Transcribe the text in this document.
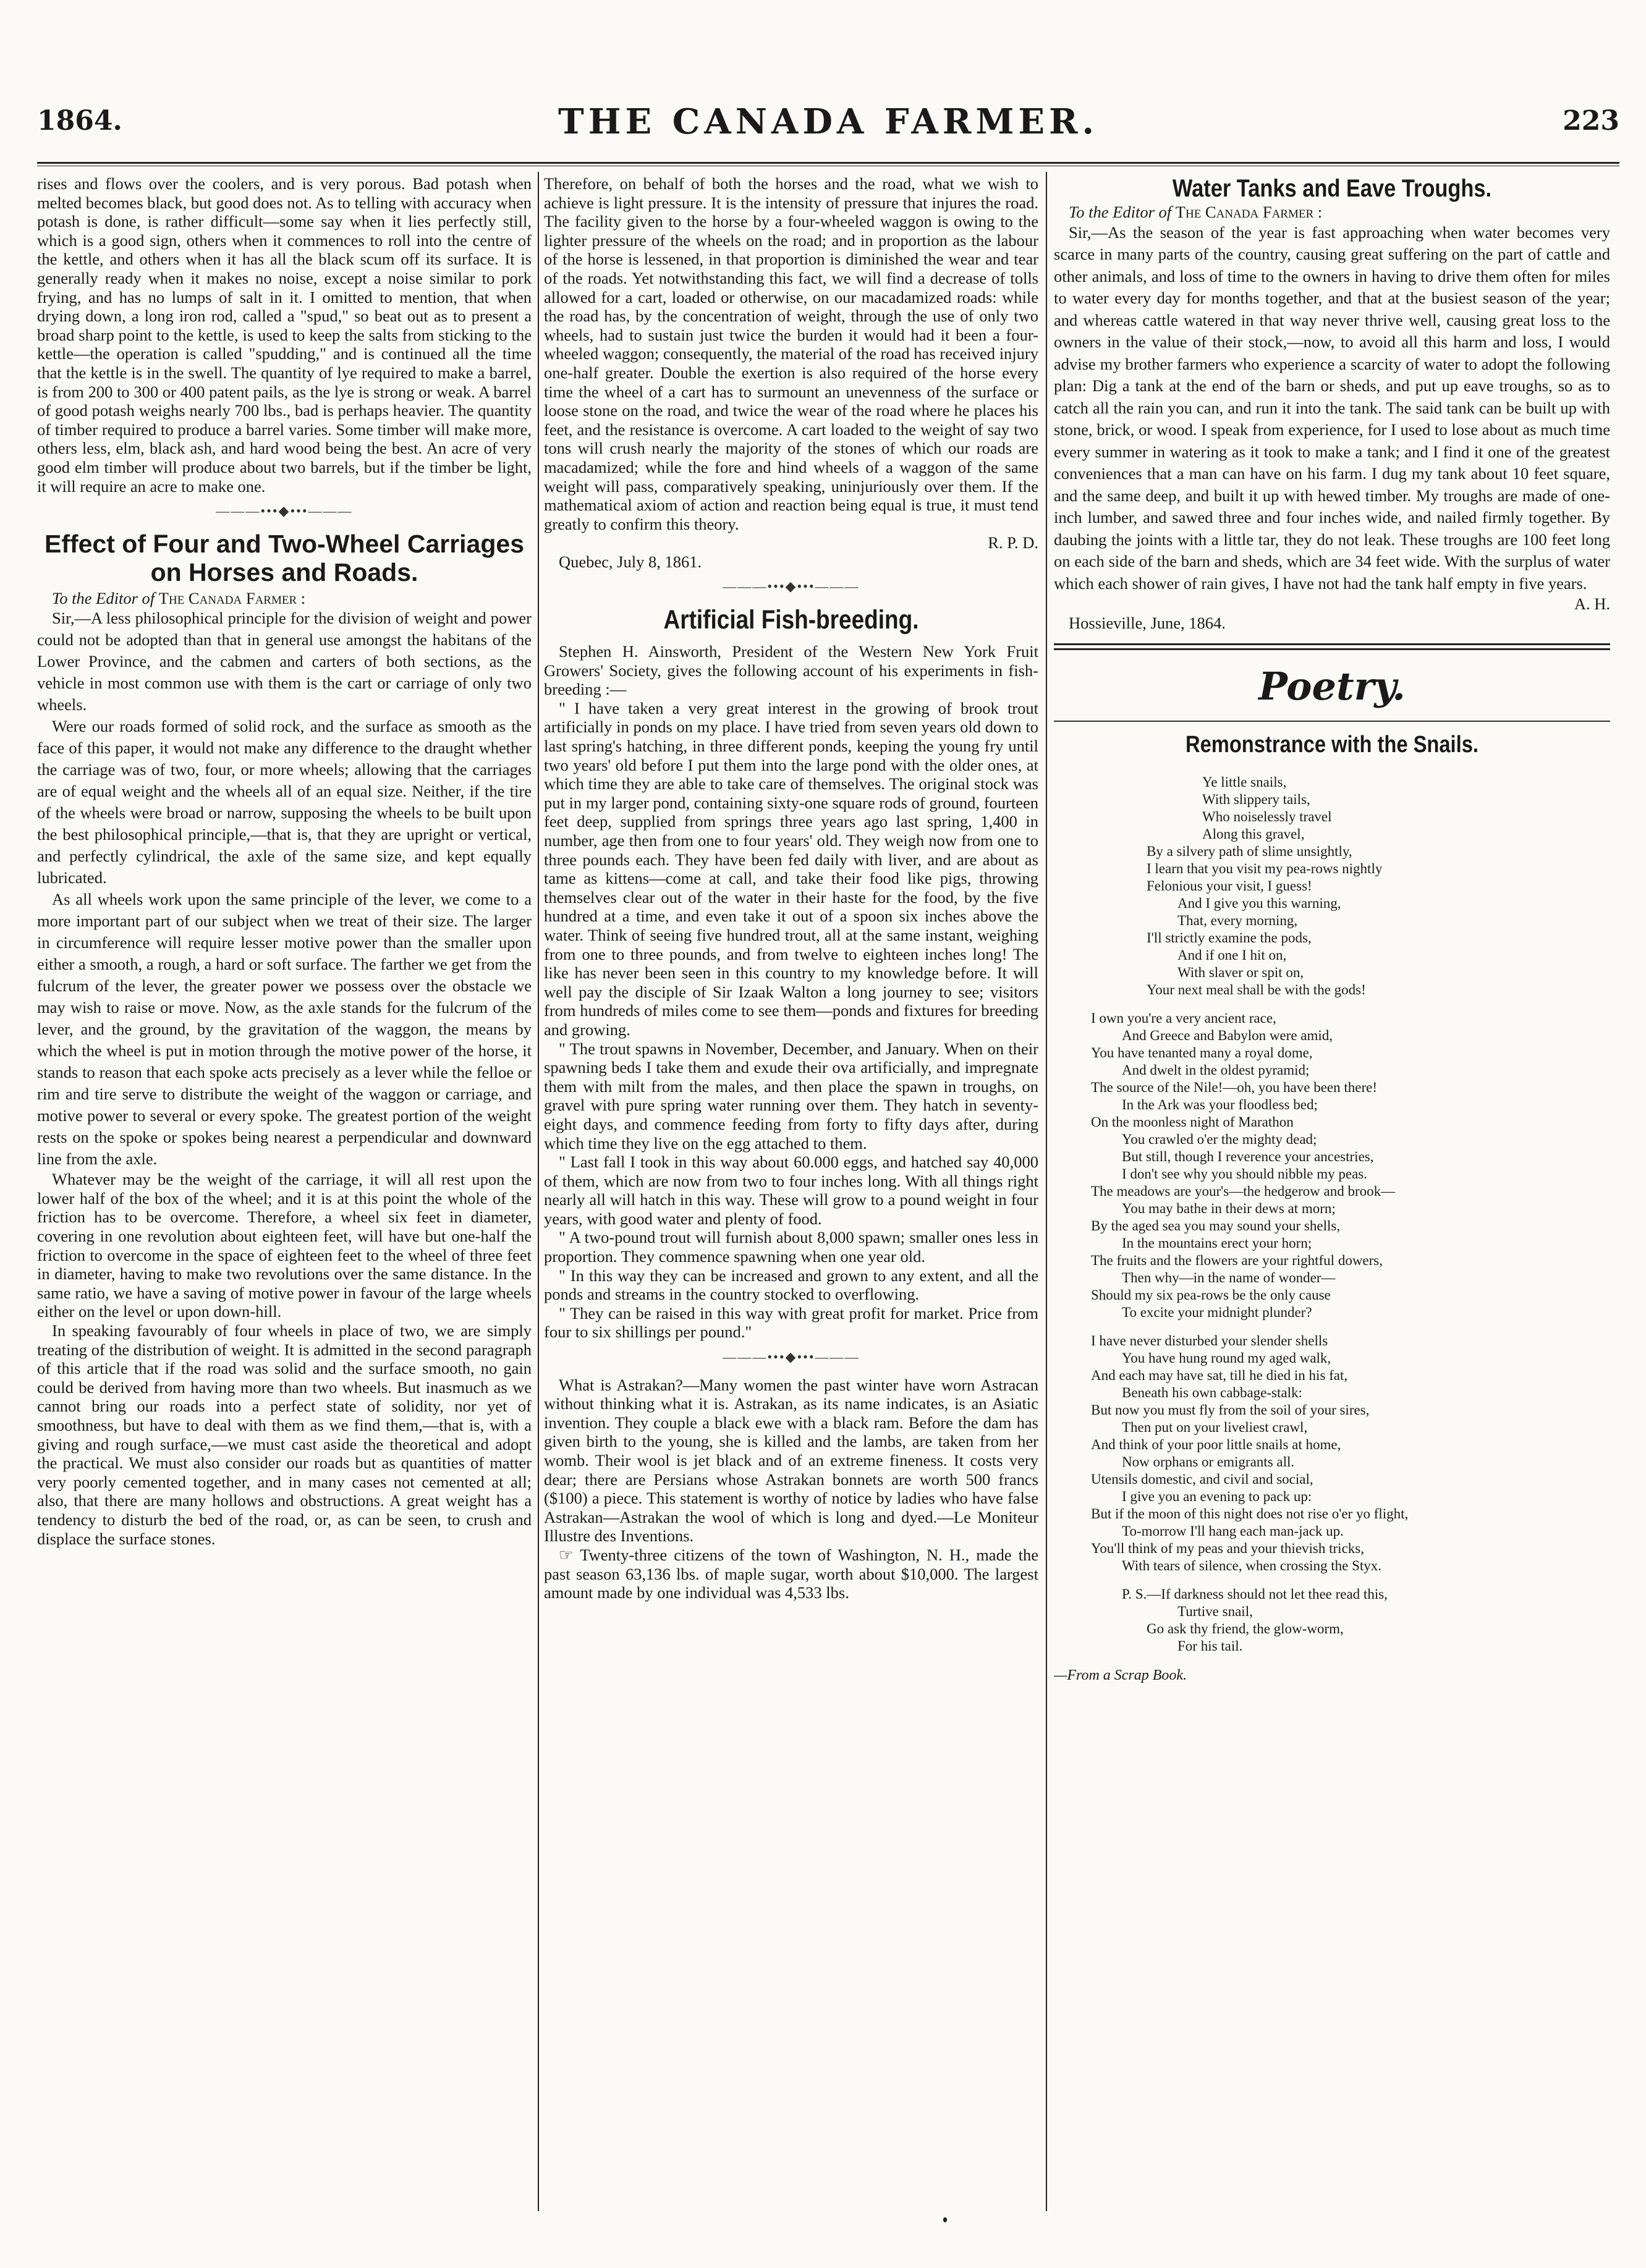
1864.	THE CANADA FARMER.	223

rises and flows over the coolers, and is very porous. Bad potash when melted becomes black, but good does not. As to telling with accuracy when potash is done, is rather difficult—some say when it lies perfectly still, which is a good sign, others when it commences to roll into the centre of the kettle, and others when it has all the black scum off its surface. It is generally ready when it makes no noise, except a noise similar to pork frying, and has no lumps of salt in it. I omitted to mention, that when drying down, a long iron rod, called a "spud," so beat out as to present a broad sharp point to the kettle, is used to keep the salts from sticking to the kettle—the operation is called "spudding," and is continued all the time that the kettle is in the swell. The quantity of lye required to make a barrel, is from 200 to 300 or 400 patent pails, as the lye is strong or weak. A barrel of good potash weighs nearly 700 lbs., bad is perhaps heavier. The quantity of timber required to produce a barrel varies. Some timber will make more, others less, elm, black ash, and hard wood being the best. An acre of very good elm timber will produce about two barrels, but if the timber be light, it will require an acre to make one.

———•••◆•••———
Effect of Four and Two-Wheel Carriages on Horses and Roads.

To the Editor of The Canada Farmer :

Sir,—A less philosophical principle for the division of weight and power could not be adopted than that in general use amongst the habitans of the Lower Province, and the cabmen and carters of both sections, as the vehicle in most common use with them is the cart or carriage of only two wheels.

Were our roads formed of solid rock, and the surface as smooth as the face of this paper, it would not make any difference to the draught whether the carriage was of two, four, or more wheels; allowing that the carriages are of equal weight and the wheels all of an equal size. Neither, if the tire of the wheels were broad or narrow, supposing the wheels to be built upon the best philosophical principle,—that is, that they are upright or vertical, and perfectly cylindrical, the axle of the same size, and kept equally lubricated.

As all wheels work upon the same principle of the lever, we come to a more important part of our subject when we treat of their size. The larger in circumference will require lesser motive power than the smaller upon either a smooth, a rough, a hard or soft surface. The farther we get from the fulcrum of the lever, the greater power we possess over the obstacle we may wish to raise or move. Now, as the axle stands for the fulcrum of the lever, and the ground, by the gravitation of the waggon, the means by which the wheel is put in motion through the motive power of the horse, it stands to reason that each spoke acts precisely as a lever while the felloe or rim and tire serve to distribute the weight of the waggon or carriage, and motive power to several or every spoke. The greatest portion of the weight rests on the spoke or spokes being nearest a perpendicular and downward line from the axle.

Whatever may be the weight of the carriage, it will all rest upon the lower half of the box of the wheel; and it is at this point the whole of the friction has to be overcome. Therefore, a wheel six feet in diameter, covering in one revolution about eighteen feet, will have but one-half the friction to overcome in the space of eighteen feet to the wheel of three feet in diameter, having to make two revolutions over the same distance. In the same ratio, we have a saving of motive power in favour of the large wheels either on the level or upon down-hill.

In speaking favourably of four wheels in place of two, we are simply treating of the distribution of weight. It is admitted in the second paragraph of this article that if the road was solid and the surface smooth, no gain could be derived from having more than two wheels. But inasmuch as we cannot bring our roads into a perfect state of solidity, nor yet of smoothness, but have to deal with them as we find them,—that is, with a giving and rough surface,—we must cast aside the theoretical and adopt the practical. We must also consider our roads but as quantities of matter very poorly cemented together, and in many cases not cemented at all; also, that there are many hollows and obstructions. A great weight has a tendency to disturb the bed of the road, or, as can be seen, to crush and displace the surface stones.

Therefore, on behalf of both the horses and the road, what we wish to achieve is light pressure. It is the intensity of pressure that injures the road. The facility given to the horse by a four-wheeled waggon is owing to the lighter pressure of the wheels on the road; and in proportion as the labour of the horse is lessened, in that proportion is diminished the wear and tear of the roads. Yet notwithstanding this fact, we will find a decrease of tolls allowed for a cart, loaded or otherwise, on our macadamized roads: while the road has, by the concentration of weight, through the use of only two wheels, had to sustain just twice the burden it would had it been a four-wheeled waggon; consequently, the material of the road has received injury one-half greater. Double the exertion is also required of the horse every time the wheel of a cart has to surmount an unevenness of the surface or loose stone on the road, and twice the wear of the road where he places his feet, and the resistance is overcome. A cart loaded to the weight of say two tons will crush nearly the majority of the stones of which our roads are macadamized; while the fore and hind wheels of a waggon of the same weight will pass, comparatively speaking, uninjuriously over them. If the mathematical axiom of action and reaction being equal is true, it must tend greatly to confirm this theory.

R. P. D.

Quebec, July 8, 1861.

———•••◆•••———
Artificial Fish-breeding.

Stephen H. Ainsworth, President of the Western New York Fruit Growers' Society, gives the following account of his experiments in fish-breeding :—

" I have taken a very great interest in the growing of brook trout artificially in ponds on my place. I have tried from seven years old down to last spring's hatching, in three different ponds, keeping the young fry until two years' old before I put them into the large pond with the older ones, at which time they are able to take care of themselves. The original stock was put in my larger pond, containing sixty-one square rods of ground, fourteen feet deep, supplied from springs three years ago last spring, 1,400 in number, age then from one to four years' old. They weigh now from one to three pounds each. They have been fed daily with liver, and are about as tame as kittens—come at call, and take their food like pigs, throwing themselves clear out of the water in their haste for the food, by the five hundred at a time, and even take it out of a spoon six inches above the water. Think of seeing five hundred trout, all at the same instant, weighing from one to three pounds, and from twelve to eighteen inches long! The like has never been seen in this country to my knowledge before. It will well pay the disciple of Sir Izaak Walton a long journey to see; visitors from hundreds of miles come to see them—ponds and fixtures for breeding and growing.

" The trout spawns in November, December, and January. When on their spawning beds I take them and exude their ova artificially, and impregnate them with milt from the males, and then place the spawn in troughs, on gravel with pure spring water running over them. They hatch in seventy-eight days, and commence feeding from forty to fifty days after, during which time they live on the egg attached to them.

" Last fall I took in this way about 60.000 eggs, and hatched say 40,000 of them, which are now from two to four inches long. With all things right nearly all will hatch in this way. These will grow to a pound weight in four years, with good water and plenty of food.

" A two-pound trout will furnish about 8,000 spawn; smaller ones less in proportion. They commence spawning when one year old.

" In this way they can be increased and grown to any extent, and all the ponds and streams in the country stocked to overflowing.

" They can be raised in this way with great profit for market. Price from four to six shillings per pound."

———•••◆•••———

What is Astrakan?—Many women the past winter have worn Astracan without thinking what it is. Astrakan, as its name indicates, is an Asiatic invention. They couple a black ewe with a black ram. Before the dam has given birth to the young, she is killed and the lambs, are taken from her womb. Their wool is jet black and of an extreme fineness. It costs very dear; there are Persians whose Astrakan bonnets are worth 500 francs ($100) a piece. This statement is worthy of notice by ladies who have false Astrakan—Astrakan the wool of which is long and dyed.—Le Moniteur Illustre des Inventions.

☞ Twenty-three citizens of the town of Washington, N. H., made the past season 63,136 lbs. of maple sugar, worth about $10,000. The largest amount made by one individual was 4,533 lbs.

Water Tanks and Eave Troughs.

To the Editor of The Canada Farmer :

Sir,—As the season of the year is fast approaching when water becomes very scarce in many parts of the country, causing great suffering on the part of cattle and other animals, and loss of time to the owners in having to drive them often for miles to water every day for months together, and that at the busiest season of the year; and whereas cattle watered in that way never thrive well, causing great loss to the owners in the value of their stock,—now, to avoid all this harm and loss, I would advise my brother farmers who experience a scarcity of water to adopt the following plan: Dig a tank at the end of the barn or sheds, and put up eave troughs, so as to catch all the rain you can, and run it into the tank. The said tank can be built up with stone, brick, or wood. I speak from experience, for I used to lose about as much time every summer in watering as it took to make a tank; and I find it one of the greatest conveniences that a man can have on his farm. I dug my tank about 10 feet square, and the same deep, and built it up with hewed timber. My troughs are made of one-inch lumber, and sawed three and four inches wide, and nailed firmly together. By daubing the joints with a little tar, they do not leak. These troughs are 100 feet long on each side of the barn and sheds, which are 34 feet wide. With the surplus of water which each shower of rain gives, I have not had the tank half empty in five years.

A. H.

Hossieville, June, 1864.

Poetry.
Remonstrance with the Snails.
Ye little snails,
With slippery tails,
Who noiselessly travel
Along this gravel,
By a silvery path of slime unsightly,
I learn that you visit my pea-rows nightly
Felonious your visit, I guess!
And I give you this warning,
That, every morning,
I'll strictly examine the pods,
And if one I hit on,
With slaver or spit on,
Your next meal shall be with the gods!
I own you're a very ancient race,
And Greece and Babylon were amid,
You have tenanted many a royal dome,
And dwelt in the oldest pyramid;
The source of the Nile!—oh, you have been there!
In the Ark was your floodless bed;
On the moonless night of Marathon
You crawled o'er the mighty dead;
But still, though I reverence your ancestries,
I don't see why you should nibble my peas.
The meadows are your's—the hedgerow and brook—
You may bathe in their dews at morn;
By the aged sea you may sound your shells,
In the mountains erect your horn;
The fruits and the flowers are your rightful dowers,
Then why—in the name of wonder—
Should my six pea-rows be the only cause
To excite your midnight plunder?
I have never disturbed your slender shells
You have hung round my aged walk,
And each may have sat, till he died in his fat,
Beneath his own cabbage-stalk:
But now you must fly from the soil of your sires,
Then put on your liveliest crawl,
And think of your poor little snails at home,
Now orphans or emigrants all.
Utensils domestic, and civil and social,
I give you an evening to pack up:
But if the moon of this night does not rise o'er yo flight,
To-morrow I'll hang each man-jack up.
You'll think of my peas and your thievish tricks,
With tears of silence, when crossing the Styx.
P. S.—If darkness should not let thee read this,
Turtive snail,
Go ask thy friend, the glow-worm,
For his tail.
—From a Scrap Book.
